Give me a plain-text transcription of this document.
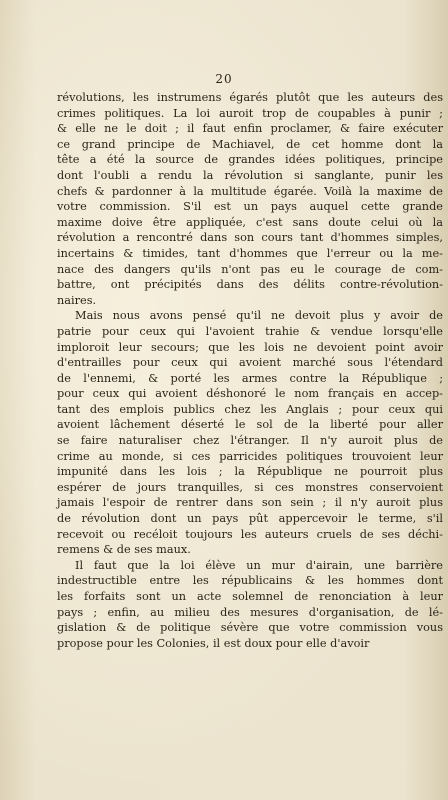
20
révolutions, les instrumens égarés plutôt que les auteurs des
crimes politiques. La loi auroit trop de coupables à punir ;
& elle ne le doit ; il faut enfin proclamer, & faire exécuter
ce grand principe de Machiavel, de cet homme dont la
tête a été la source de grandes idées politiques, principe
dont l'oubli a rendu la révolution si sanglante, punir les
chefs & pardonner à la multitude égarée. Voilà la maxime de
votre commission. S'il est un pays auquel cette grande
maxime doive être appliquée, c'est sans doute celui où la
révolution a rencontré dans son cours tant d'hommes simples,
incertains & timides, tant d'hommes que l'erreur ou la me-
nace des dangers qu'ils n'ont pas eu le courage de com-
battre, ont précipités dans des délits contre-révolution-
naires.
Mais nous avons pensé qu'il ne devoit plus y avoir de
patrie pour ceux qui l'avoient trahie & vendue lorsqu'elle
imploroit leur secours; que les lois ne devoient point avoir
d'entrailles pour ceux qui avoient marché sous l'étendard
de l'ennemi, & porté les armes contre la République ;
pour ceux qui avoient déshonoré le nom français en accep-
tant des emplois publics chez les Anglais ; pour ceux qui
avoient lâchement déserté le sol de la liberté pour aller
se faire naturaliser chez l'étranger. Il n'y auroit plus de
crime au monde, si ces parricides politiques trouvoient leur
impunité dans les lois ; la République ne pourroit plus
espérer de jours tranquilles, si ces monstres conservoient
jamais l'espoir de rentrer dans son sein ; il n'y auroit plus
de révolution dont un pays pût appercevoir le terme, s'il
recevoit ou recéloit toujours les auteurs cruels de ses déchi-
remens & de ses maux.
Il faut que la loi élève un mur d'airain, une barrière
indestructible entre les républicains & les hommes dont
les forfaits sont un acte solemnel de renonciation à leur
pays ; enfin, au milieu des mesures d'organisation, de lé-
gislation & de politique sévère que votre commission vous
propose pour les Colonies, il est doux pour elle d'avoir
